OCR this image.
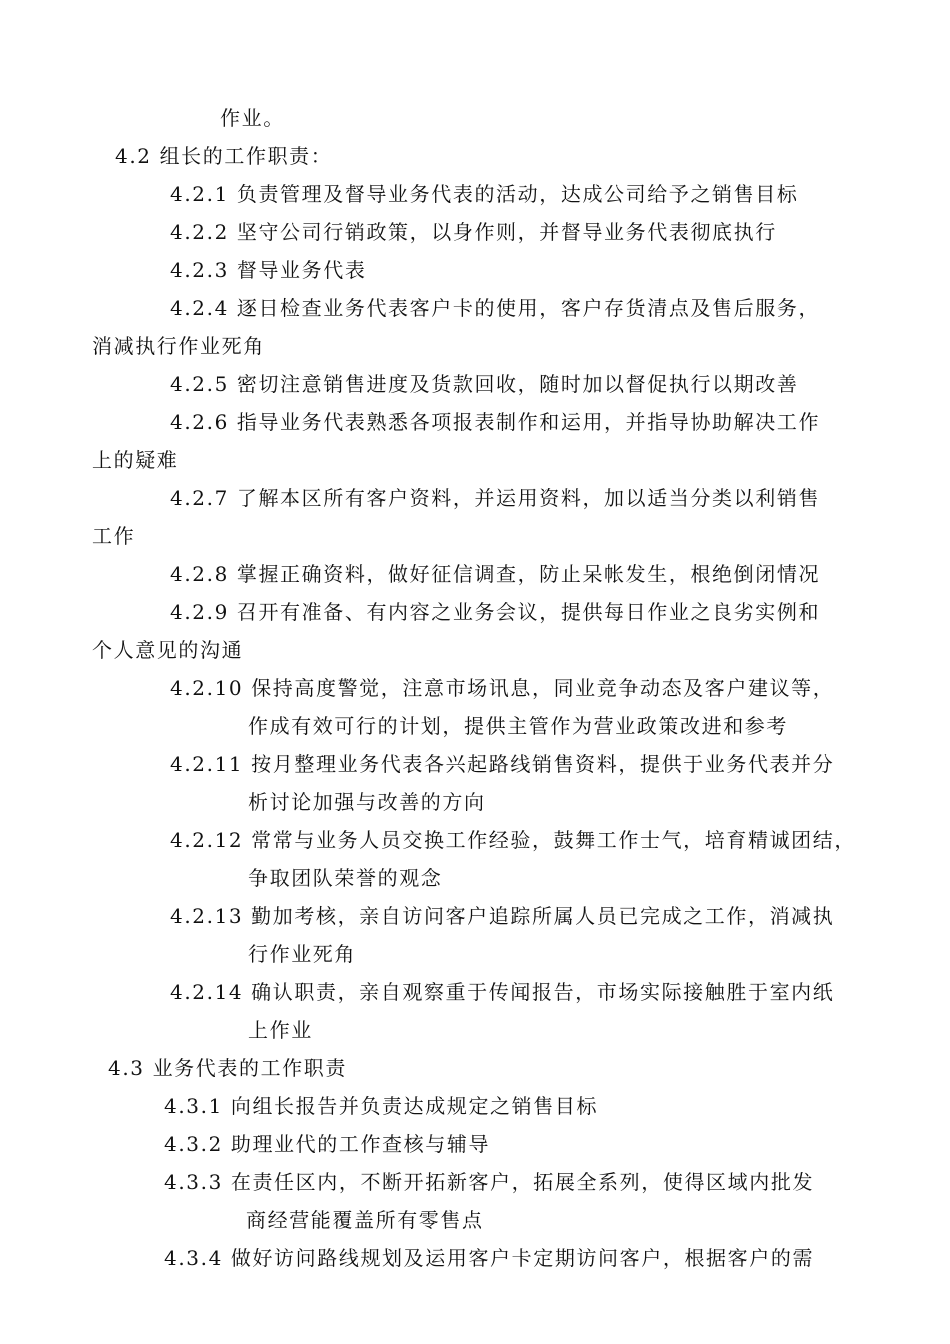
作业。
4.2 组长的工作职责：
4.2.1 负责管理及督导业务代表的活动，达成公司给予之销售目标
4.2.2 坚守公司行销政策，以身作则，并督导业务代表彻底执行
4.2.3 督导业务代表
4.2.4 逐日检查业务代表客户卡的使用，客户存货清点及售后服务，
消减执行作业死角
4.2.5 密切注意销售进度及货款回收，随时加以督促执行以期改善
4.2.6 指导业务代表熟悉各项报表制作和运用，并指导协助解决工作
上的疑难
4.2.7 了解本区所有客户资料，并运用资料，加以适当分类以利销售
工作
4.2.8 掌握正确资料，做好征信调查，防止呆帐发生，根绝倒闭情况
4.2.9 召开有准备、有内容之业务会议，提供每日作业之良劣实例和
个人意见的沟通
4.2.10 保持高度警觉，注意市场讯息，同业竞争动态及客户建议等，
作成有效可行的计划，提供主管作为营业政策改进和参考
4.2.11 按月整理业务代表各兴起路线销售资料，提供于业务代表并分
析讨论加强与改善的方向
4.2.12 常常与业务人员交换工作经验，鼓舞工作士气，培育精诚团结，
争取团队荣誉的观念
4.2.13 勤加考核，亲自访问客户追踪所属人员已完成之工作，消减执
行作业死角
4.2.14 确认职责，亲自观察重于传闻报告，市场实际接触胜于室内纸
上作业
4.3 业务代表的工作职责
4.3.1 向组长报告并负责达成规定之销售目标
4.3.2 助理业代的工作查核与辅导
4.3.3 在责任区内，不断开拓新客户，拓展全系列，使得区域内批发
商经营能覆盖所有零售点
4.3.4 做好访问路线规划及运用客户卡定期访问客户，根据客户的需
